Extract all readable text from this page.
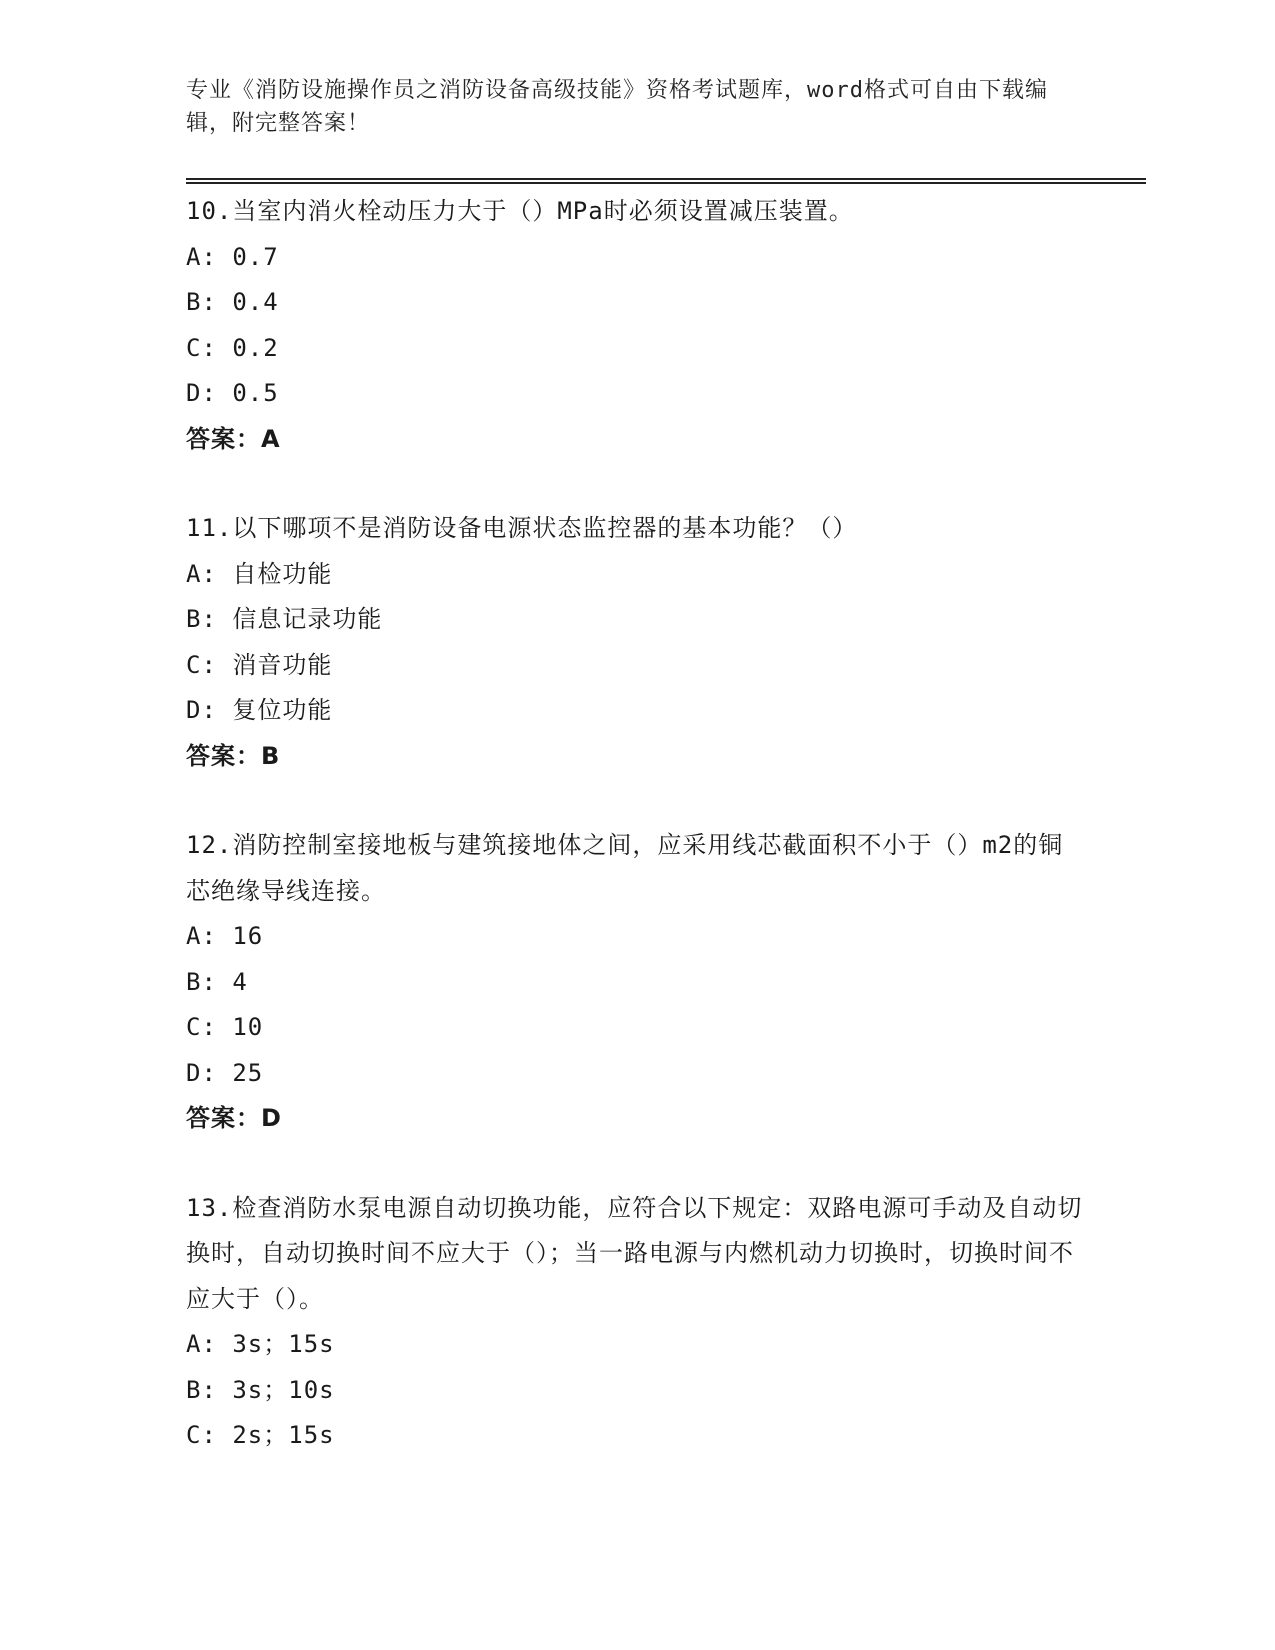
专业《消防设施操作员之消防设备高级技能》资格考试题库，word格式可自由下载编辑，附完整答案！

10.当室内消火栓动压力大于（）MPa时必须设置减压装置。

A: 0.7

B: 0.4

C: 0.2

D: 0.5

答案：A

11.以下哪项不是消防设备电源状态监控器的基本功能？（）

A: 自检功能

B: 信息记录功能

C: 消音功能

D: 复位功能

答案：B

12.消防控制室接地板与建筑接地体之间，应采用线芯截面积不小于（）m2的铜芯绝缘导线连接。

A: 16

B: 4

C: 10

D: 25

答案：D

13.检查消防水泵电源自动切换功能，应符合以下规定：双路电源可手动及自动切换时，自动切换时间不应大于（）；当一路电源与内燃机动力切换时，切换时间不应大于（）。

A: 3s；15s

B: 3s；10s

C: 2s；15s
